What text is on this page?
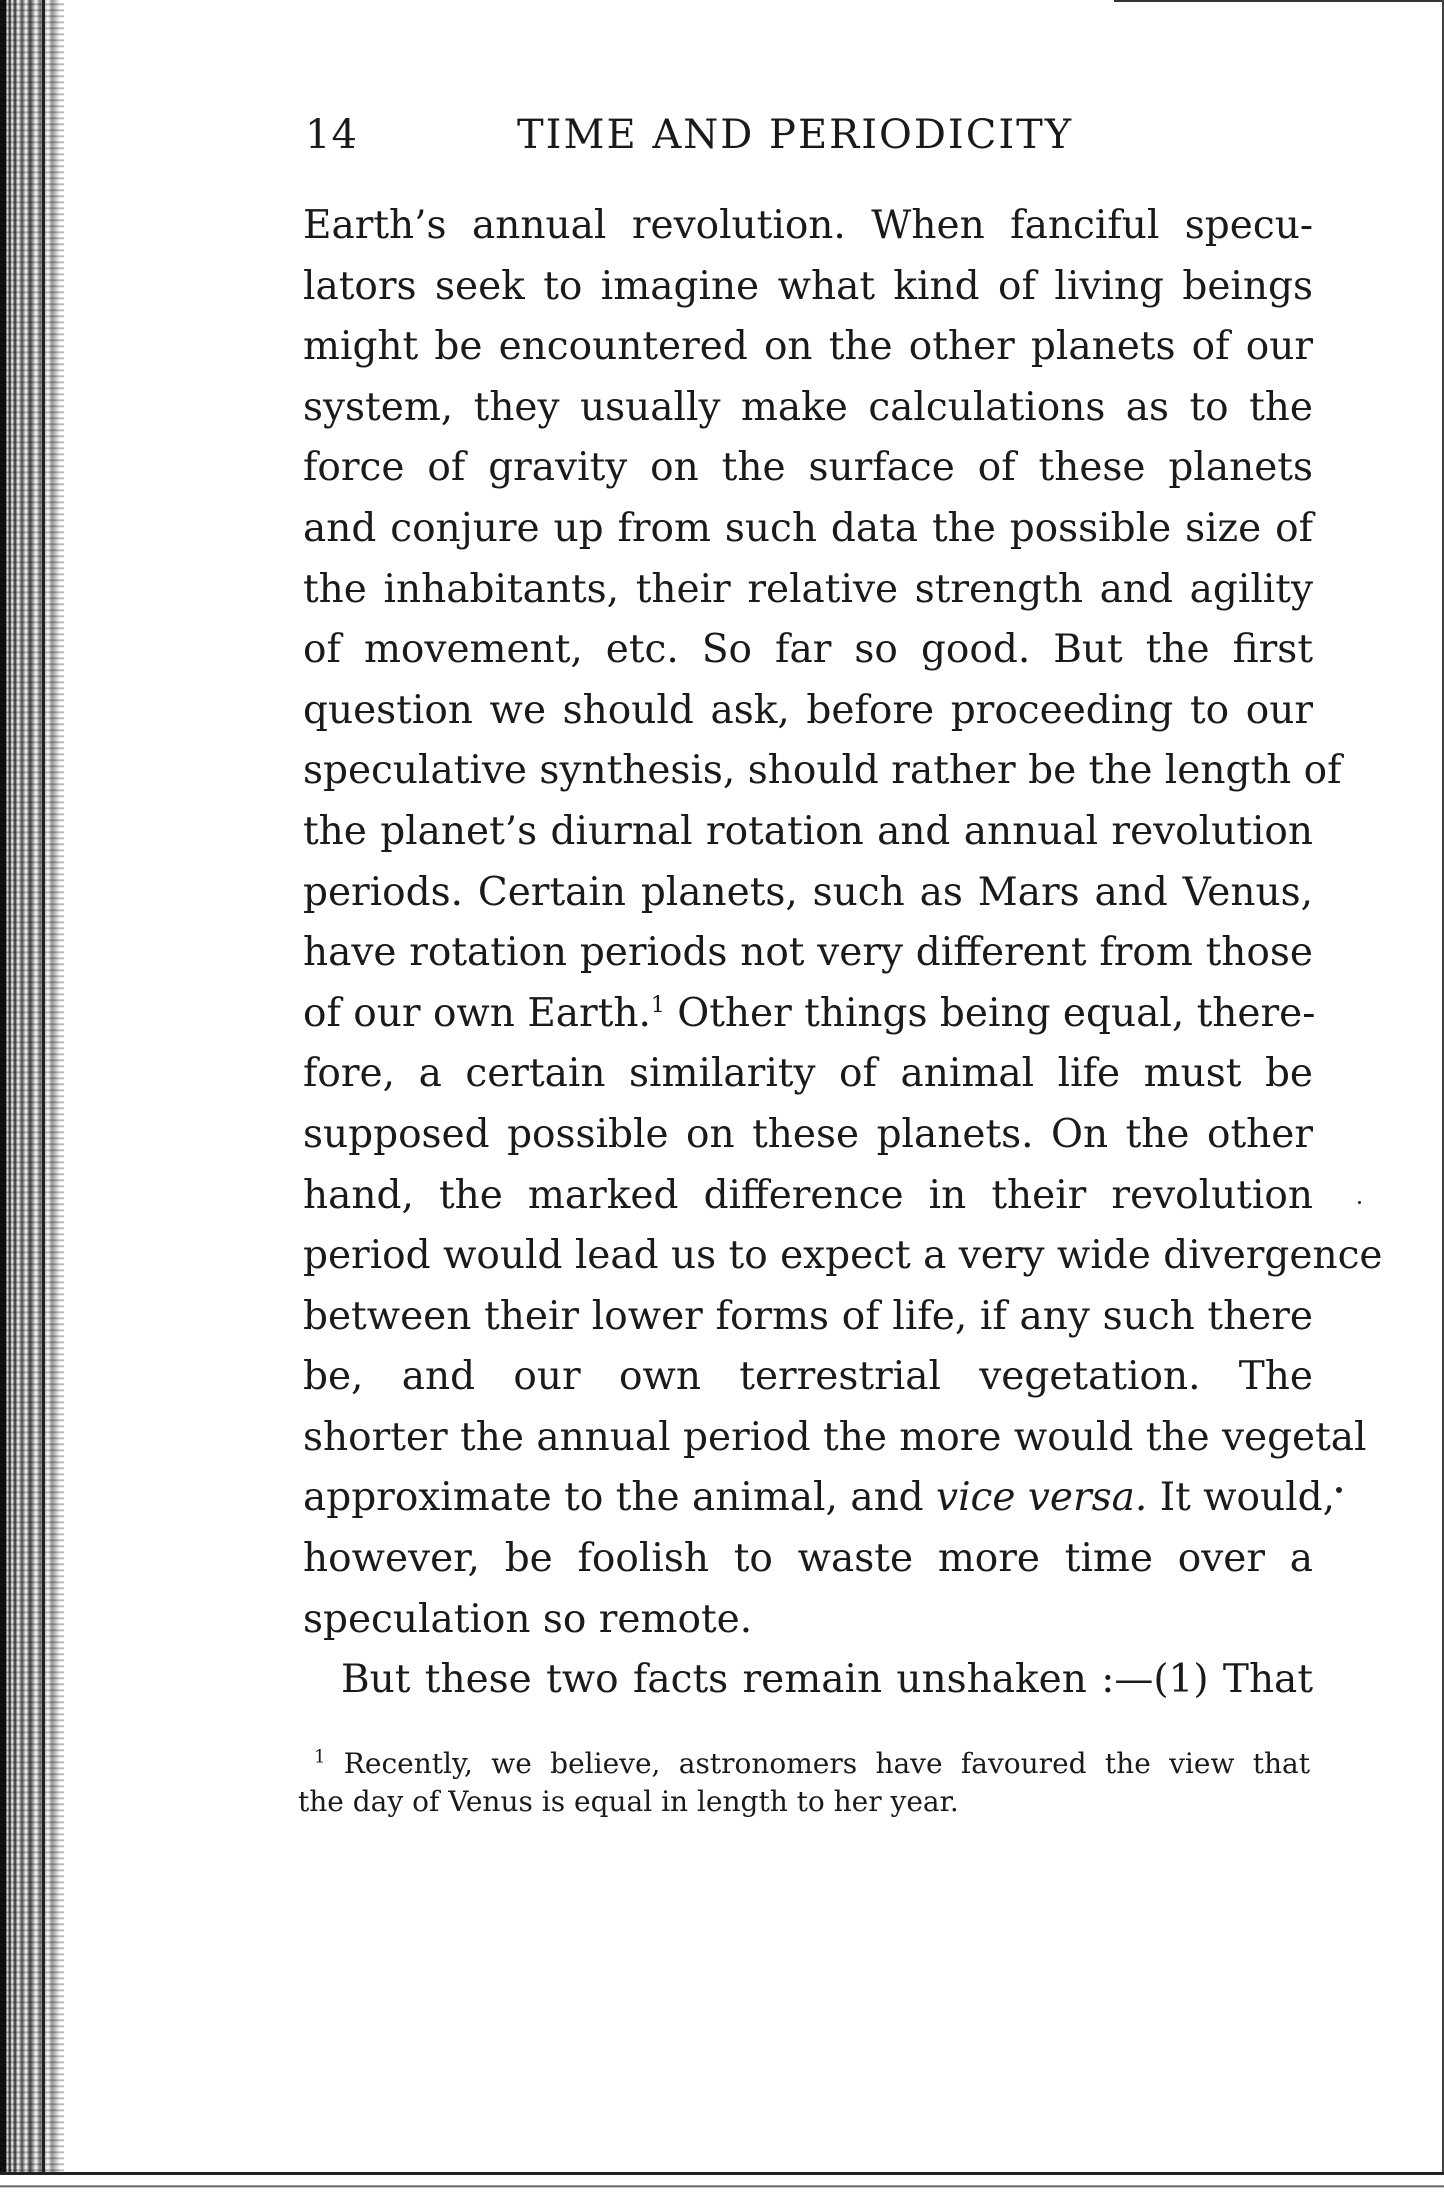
14	TIME AND PERIODICITY
Earth’s annual revolution. When fanciful specu-
lators seek to imagine what kind of living beings
might be encountered on the other planets of our
system, they usually make calculations as to the
force of gravity on the surface of these planets
and conjure up from such data the possible size of
the inhabitants, their relative strength and agility
of movement, etc. So far so good. But the first
question we should ask, before proceeding to our
speculative synthesis, should rather be the length of
the planet’s diurnal rotation and annual revolution
periods. Certain planets, such as Mars and Venus,
have rotation periods not very different from those
of our own Earth.$^1$ Other things being equal, there-
fore, a certain similarity of animal life must be
supposed possible on these planets. On the other
hand, the marked difference in their revolution
period would lead us to expect a very wide divergence
between their lower forms of life, if any such there
be, and our own terrestrial vegetation. The
shorter the annual period the more would the vegetal
approximate to the animal, and vice versa. It would,
however, be foolish to waste more time over a
speculation so remote.
But these two facts remain unshaken :—(1) That
$^1$ Recently, we believe, astronomers have favoured the view that
the day of Venus is equal in length to her year.
